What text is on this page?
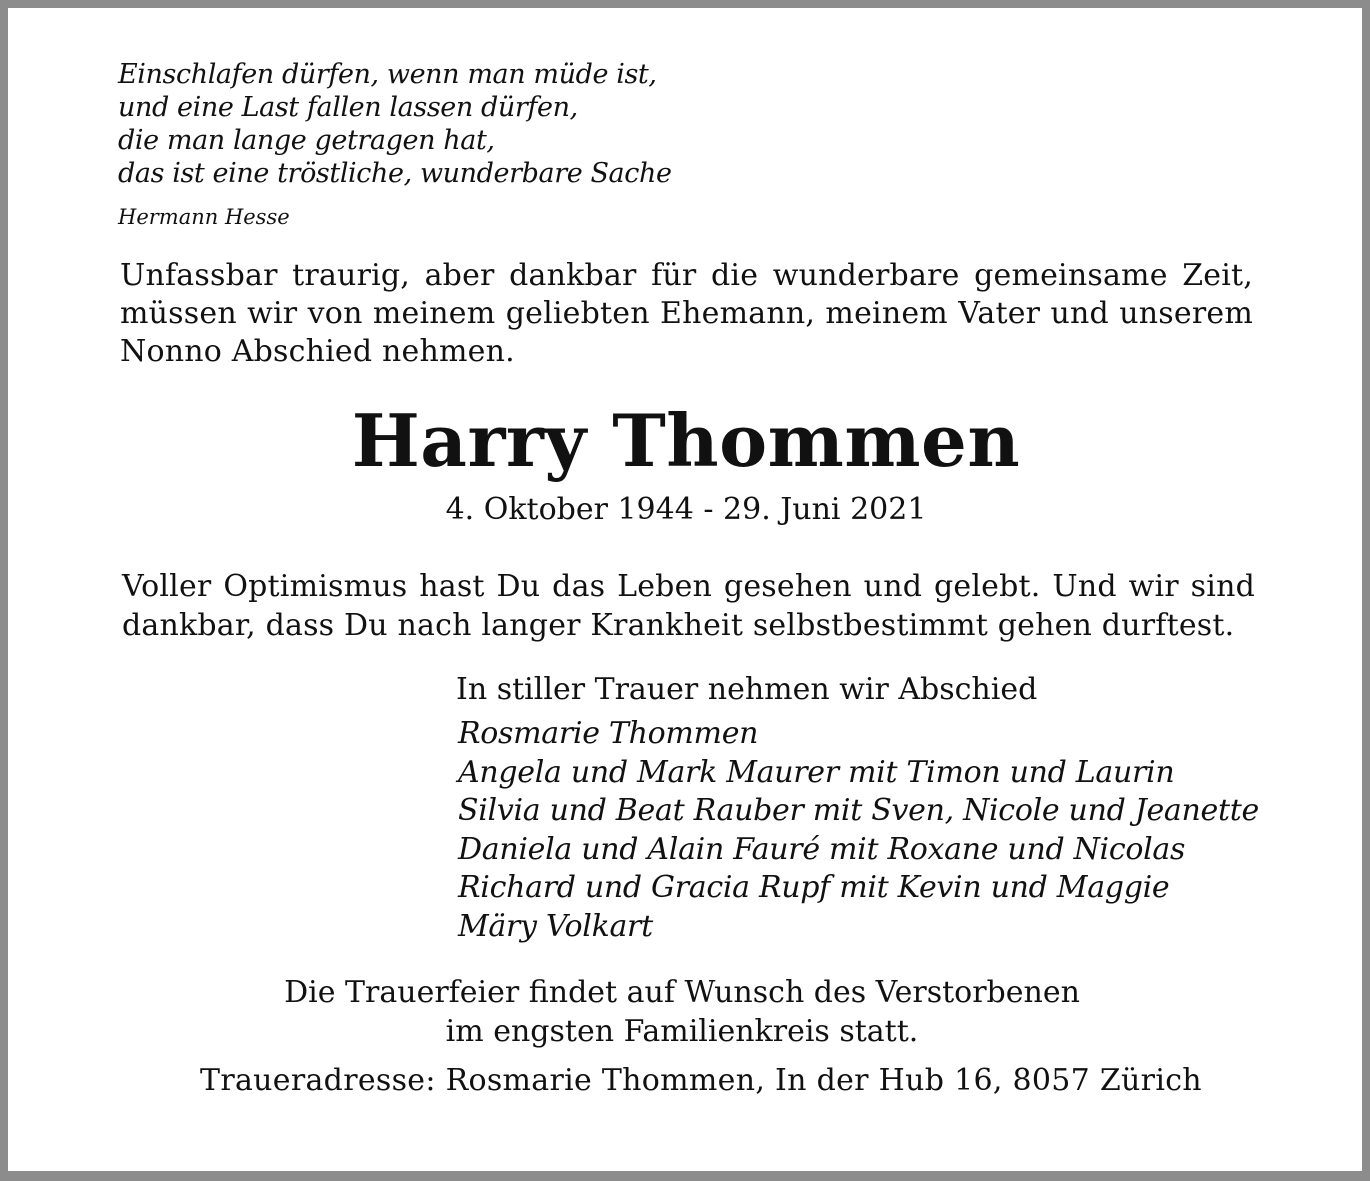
Einschlafen dürfen, wenn man müde ist,
und eine Last fallen lassen dürfen,
die man lange getragen hat,
das ist eine tröstliche, wunderbare Sache
Hermann Hesse
Unfassbar traurig, aber dankbar für die wunderbare gemeinsame Zeit, müssen wir von meinem geliebten Ehemann, meinem Vater und unserem Nonno Abschied nehmen.
Harry Thommen
4. Oktober 1944 - 29. Juni 2021
Voller Optimismus hast Du das Leben gesehen und gelebt. Und wir sind dankbar, dass Du nach langer Krankheit selbstbestimmt gehen durftest.
In stiller Trauer nehmen wir Abschied
Rosmarie Thommen
Angela und Mark Maurer mit Timon und Laurin
Silvia und Beat Rauber mit Sven, Nicole und Jeanette
Daniela und Alain Fauré mit Roxane und Nicolas
Richard und Gracia Rupf mit Kevin und Maggie
Märy Volkart
Die Trauerfeier findet auf Wunsch des Verstorbenen
im engsten Familienkreis statt.
Traueradresse: Rosmarie Thommen, In der Hub 16, 8057 Zürich
